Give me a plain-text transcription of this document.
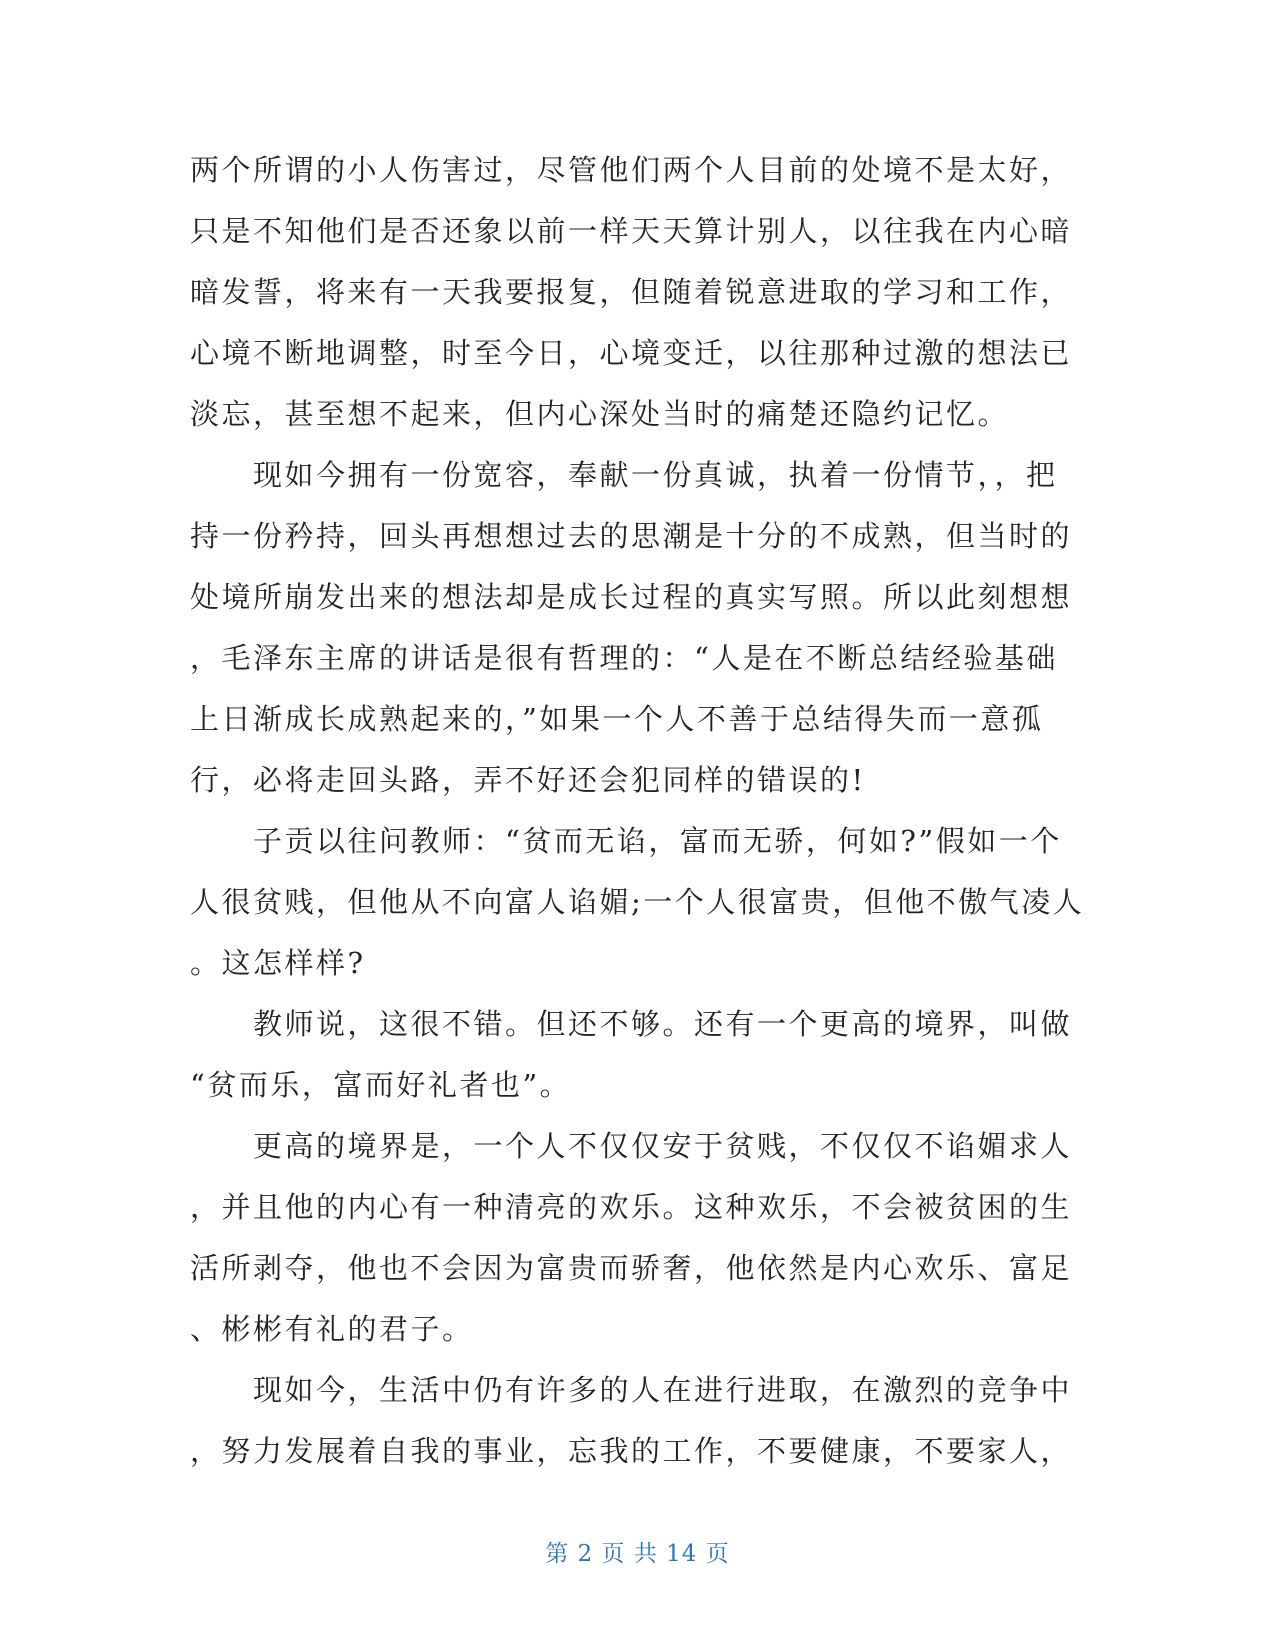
两个所谓的小人伤害过，尽管他们两个人目前的处境不是太好，
只是不知他们是否还象以前一样天天算计别人，以往我在内心暗
暗发誓，将来有一天我要报复，但随着锐意进取的学习和工作，
心境不断地调整，时至今日，心境变迁，以往那种过激的想法已
淡忘，甚至想不起来，但内心深处当时的痛楚还隐约记忆。
　　现如今拥有一份宽容，奉献一份真诚，执着一份情节，，把
持一份矜持，回头再想想过去的思潮是十分的不成熟，但当时的
处境所崩发出来的想法却是成长过程的真实写照。所以此刻想想
，毛泽东主席的讲话是很有哲理的：“人是在不断总结经验基础
上日渐成长成熟起来的，”如果一个人不善于总结得失而一意孤
行，必将走回头路，弄不好还会犯同样的错误的!
　　子贡以往问教师：“贫而无谄，富而无骄，何如?”假如一个
人很贫贱，但他从不向富人谄媚;一个人很富贵，但他不傲气凌人
。这怎样样?
　　教师说，这很不错。但还不够。还有一个更高的境界，叫做
“贫而乐，富而好礼者也”。
　　更高的境界是，一个人不仅仅安于贫贱，不仅仅不谄媚求人
，并且他的内心有一种清亮的欢乐。这种欢乐，不会被贫困的生
活所剥夺，他也不会因为富贵而骄奢，他依然是内心欢乐、富足
、彬彬有礼的君子。
　　现如今，生活中仍有许多的人在进行进取，在激烈的竞争中
，努力发展着自我的事业，忘我的工作，不要健康，不要家人，
第 2 页 共 14 页
